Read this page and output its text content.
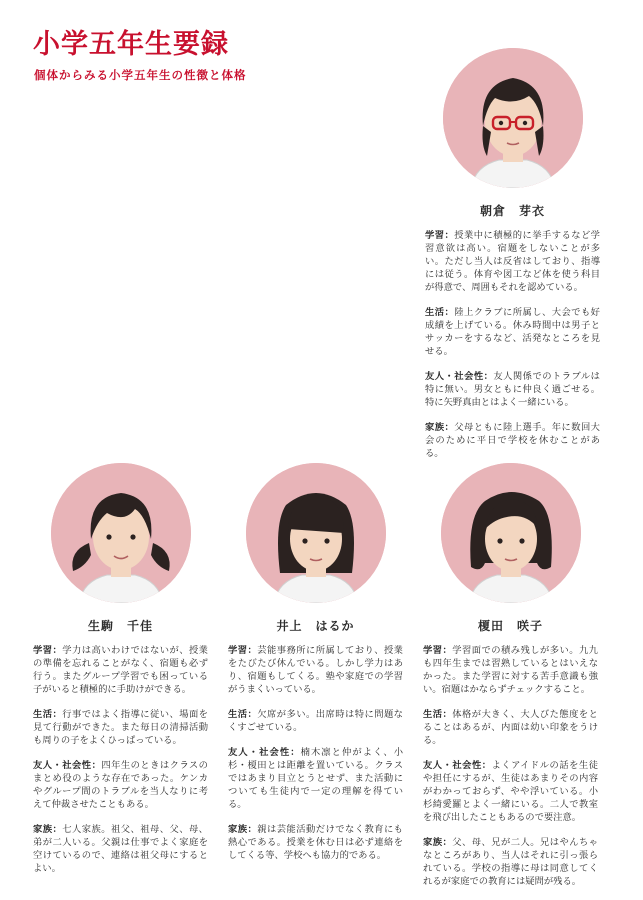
小学五年生要録
個体からみる小学五年生の性徴と体格
朝倉　芽衣

学習：授業中に積極的に挙手するなど学習意欲は高い。宿題をしないことが多い。ただし当人は反省はしており、指導には従う。体育や図工など体を使う科目が得意で、周囲もそれを認めている。

生活：陸上クラブに所属し、大会でも好成績を上げている。休み時間中は男子とサッカーをするなど、活発なところを見せる。

友人・社会性：友人関係でのトラブルは特に無い。男女ともに仲良く過ごせる。特に矢野真由とはよく一緒にいる。

家族：父母ともに陸上選手。年に数回大会のために平日で学校を休むことがある。

生駒　千佳

学習：学力は高いわけではないが、授業の準備を忘れることがなく、宿題も必ず行う。またグループ学習でも困っている子がいると積極的に手助けができる。

生活：行事ではよく指導に従い、場面を見て行動ができた。また毎日の清掃活動も周りの子をよくひっぱっている。

友人・社会性：四年生のときはクラスのまとめ役のような存在であった。ケンカやグループ間のトラブルを当人なりに考えて仲裁させたこともある。

家族：七人家族。祖父、祖母、父、母、弟が二人いる。父親は仕事でよく家庭を空けているので、連絡は祖父母にするとよい。

井上　はるか

学習：芸能事務所に所属しており、授業をたびたび休んでいる。しかし学力はあり、宿題もしてくる。塾や家庭での学習がうまくいっている。

生活：欠席が多い。出席時は特に問題なくすごせている。

友人・社会性：楠木凛と仲がよく、小杉・榎田とは距離を置いている。クラスではあまり目立とうとせず、また活動についても生徒内で一定の理解を得ている。

家族：親は芸能活動だけでなく教育にも熱心である。授業を休む日は必ず連絡をしてくる等、学校へも協力的である。

榎田　咲子

学習：学習面での積み残しが多い。九九も四年生までは習熟しているとはいえなかった。また学習に対する苦手意識も強い。宿題はかならずチェックすること。

生活：体格が大きく、大人びた態度をとることはあるが、内面は幼い印象をうける。

友人・社会性：よくアイドルの話を生徒や担任にするが、生徒はあまりその内容がわかっておらず、やや浮いている。小杉綺愛羅とよく一緒にいる。二人で教室を飛び出したこともあるので要注意。

家族：父、母、兄が二人。兄はやんちゃなところがあり、当人はそれに引っ張られている。学校の指導に母は同意してくれるが家庭での教育には疑問が残る。
